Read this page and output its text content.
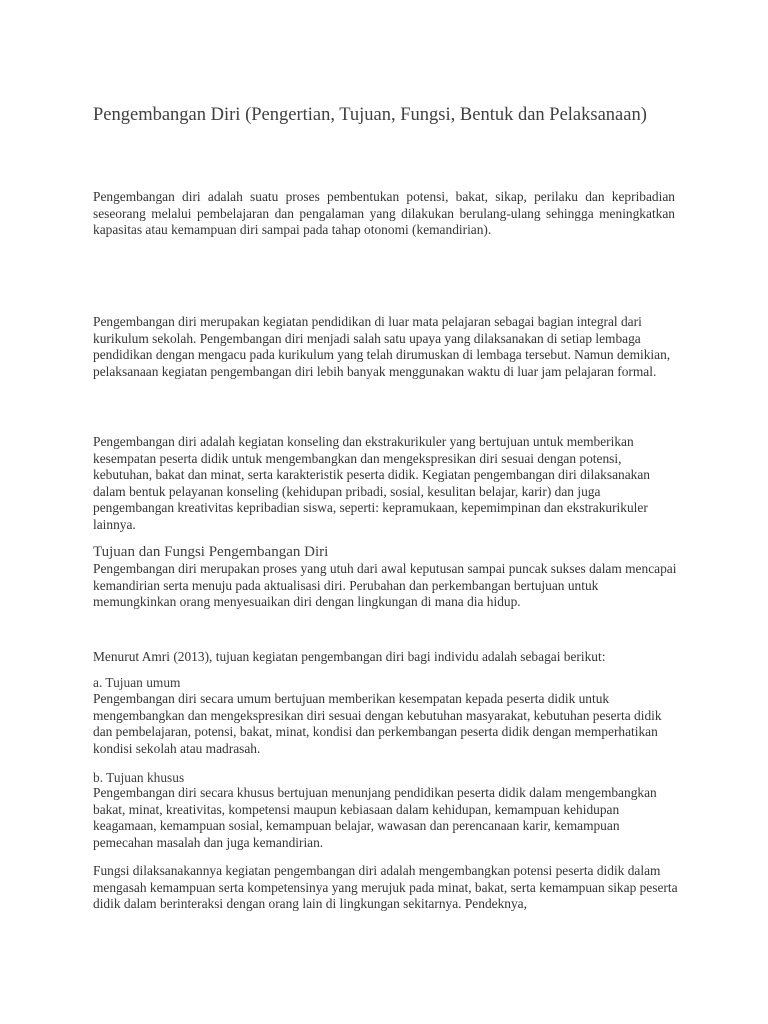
Pengembangan Diri (Pengertian, Tujuan, Fungsi, Bentuk dan Pelaksanaan)

Pengembangan diri adalah suatu proses pembentukan potensi, bakat, sikap, perilaku dan kepribadian seseorang melalui pembelajaran dan pengalaman yang dilakukan berulang-ulang sehingga meningkatkan kapasitas atau kemampuan diri sampai pada tahap otonomi (kemandirian).

Pengembangan diri merupakan kegiatan pendidikan di luar mata pelajaran sebagai bagian integral dari kurikulum sekolah. Pengembangan diri menjadi salah satu upaya yang dilaksanakan di setiap lembaga pendidikan dengan mengacu pada kurikulum yang telah dirumuskan di lembaga tersebut. Namun demikian, pelaksanaan kegiatan pengembangan diri lebih banyak menggunakan waktu di luar jam pelajaran formal.

Pengembangan diri adalah kegiatan konseling dan ekstrakurikuler yang bertujuan untuk memberikan kesempatan peserta didik untuk mengembangkan dan mengekspresikan diri sesuai dengan potensi, kebutuhan, bakat dan minat, serta karakteristik peserta didik. Kegiatan pengembangan diri dilaksanakan dalam bentuk pelayanan konseling (kehidupan pribadi, sosial, kesulitan belajar, karir) dan juga pengembangan kreativitas kepribadian siswa, seperti: kepramukaan, kepemimpinan dan ekstrakurikuler lainnya.

Tujuan dan Fungsi Pengembangan Diri

Pengembangan diri merupakan proses yang utuh dari awal keputusan sampai puncak sukses dalam mencapai kemandirian serta menuju pada aktualisasi diri. Perubahan dan perkembangan bertujuan untuk memungkinkan orang menyesuaikan diri dengan lingkungan di mana dia hidup.

Menurut Amri (2013), tujuan kegiatan pengembangan diri bagi individu adalah sebagai berikut:

a. Tujuan umum

Pengembangan diri secara umum bertujuan memberikan kesempatan kepada peserta didik untuk mengembangkan dan mengekspresikan diri sesuai dengan kebutuhan masyarakat, kebutuhan peserta didik dan pembelajaran, potensi, bakat, minat, kondisi dan perkembangan peserta didik dengan memperhatikan kondisi sekolah atau madrasah.

b. Tujuan khusus

Pengembangan diri secara khusus bertujuan menunjang pendidikan peserta didik dalam mengembangkan bakat, minat, kreativitas, kompetensi maupun kebiasaan dalam kehidupan, kemampuan kehidupan keagamaan, kemampuan sosial, kemampuan belajar, wawasan dan perencanaan karir, kemampuan pemecahan masalah dan juga kemandirian.

Fungsi dilaksanakannya kegiatan pengembangan diri adalah mengembangkan potensi peserta didik dalam mengasah kemampuan serta kompetensinya yang merujuk pada minat, bakat, serta kemampuan sikap peserta didik dalam berinteraksi dengan orang lain di lingkungan sekitarnya. Pendeknya,
